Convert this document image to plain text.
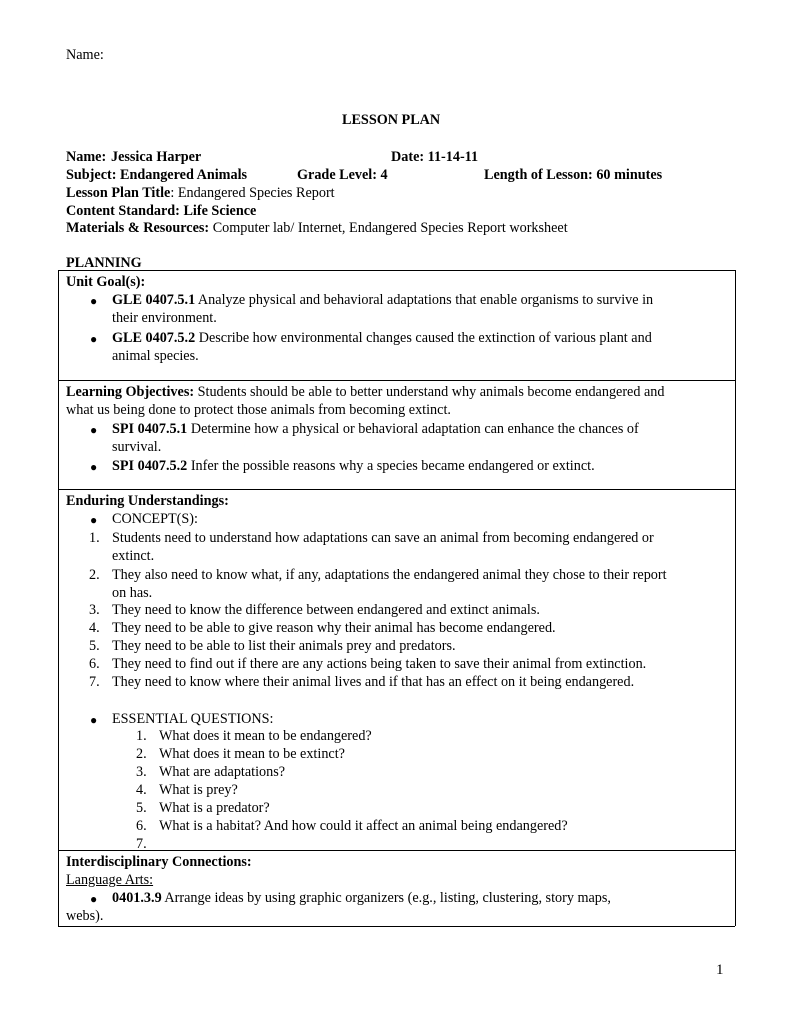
Name:
LESSON PLAN
Name: Jessica Harper	Date: 11-14-11
Subject: Endangered Animals	Grade Level: 4	Length of Lesson: 60 minutes
Lesson Plan Title: Endangered Species Report
Content Standard: Life Science
Materials & Resources: Computer lab/ Internet, Endangered Species Report worksheet
PLANNING
Unit Goal(s):
● GLE 0407.5.1 Analyze physical and behavioral adaptations that enable organisms to survive in
their environment.
● GLE 0407.5.2 Describe how environmental changes caused the extinction of various plant and
animal species.
Learning Objectives: Students should be able to better understand why animals become endangered and
what us being done to protect those animals from becoming extinct.
● SPI 0407.5.1 Determine how a physical or behavioral adaptation can enhance the chances of
survival.
● SPI 0407.5.2 Infer the possible reasons why a species became endangered or extinct.
Enduring Understandings:
● CONCEPT(S):
1. Students need to understand how adaptations can save an animal from becoming endangered or
extinct.
2. They also need to know what, if any, adaptations the endangered animal they chose to their report
on has.
3. They need to know the difference between endangered and extinct animals.
4. They need to be able to give reason why their animal has become endangered.
5. They need to be able to list their animals prey and predators.
6. They need to find out if there are any actions being taken to save their animal from extinction.
7. They need to know where their animal lives and if that has an effect on it being endangered.
● ESSENTIAL QUESTIONS:
1. What does it mean to be endangered?
2. What does it mean to be extinct?
3. What are adaptations?
4. What is prey?
5. What is a predator?
6. What is a habitat? And how could it affect an animal being endangered?
7.
Interdisciplinary Connections:
Language Arts:
● 0401.3.9 Arrange ideas by using graphic organizers (e.g., listing, clustering, story maps,
webs).
1
